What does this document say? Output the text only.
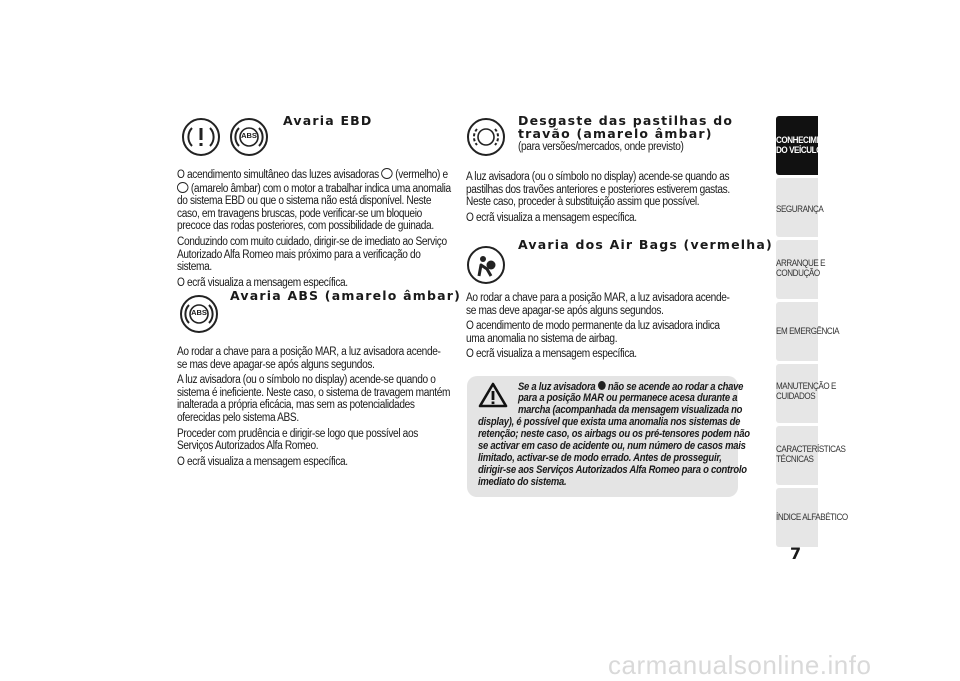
ABS
Avaria EBD

O acendimento simultâneo das luzes avisadoras (vermelho) e
(amarelo âmbar) com o motor a trabalhar indica uma anomalia do sistema EBD ou que o sistema não está disponível. Neste caso, em travagens bruscas, pode verificar-se um bloqueio precoce das rodas posteriores, com possibilidade de guinada.

Conduzindo com muito cuidado, dirigir-se de imediato ao Serviço Autorizado Alfa Romeo mais próximo para a verificação do sistema.

O ecrã visualiza a mensagem específica.

ABS
Avaria ABS (amarelo âmbar)

Ao rodar a chave para a posição MAR, a luz avisadora acende-se mas deve apagar-se após alguns segundos.

A luz avisadora (ou o símbolo no display) acende-se quando o sistema é ineficiente. Neste caso, o sistema de travagem mantém inalterada a própria eficácia, mas sem as potencialidades oferecidas pelo sistema ABS.

Proceder com prudência e dirigir-se logo que possível aos Serviços Autorizados Alfa Romeo.

O ecrã visualiza a mensagem específica.

Desgaste das pastilhas do
travão (amarelo âmbar)
(para versões/mercados, onde previsto)

A luz avisadora (ou o símbolo no display) acende-se quando as pastilhas dos travões anteriores e posteriores estiverem gastas. Neste caso, proceder à substituição assim que possível.

O ecrã visualiza a mensagem específica.

Avaria dos Air Bags (vermelha)

Ao rodar a chave para a posição MAR, a luz avisadora acende-se mas deve apagar-se após alguns segundos.

O acendimento de modo permanente da luz avisadora indica uma anomalia no sistema de airbag.

O ecrã visualiza a mensagem específica.

Se a luz avisadora não se acende ao rodar a chave
para a posição MAR ou permanece acesa durante a
marcha (acompanhada da mensagem visualizada no
display), é possível que exista uma anomalia nos sistemas de
retenção; neste caso, os airbags ou os pré-tensores podem não
se activar em caso de acidente ou, num número de casos mais
limitado, activar-se de modo errado. Antes de prosseguir,
dirigir-se aos Serviços Autorizados Alfa Romeo para o controlo
imediato do sistema.
CONHECIMENTO
DO VEÍCULO
SEGURANÇA
ARRANQUE E
CONDUÇÃO
EM EMERGÊNCIA
MANUTENÇÃO E
CUIDADOS
CARACTERÍSTICAS
TÉCNICAS
ÍNDICE ALFABÉTICO
7
carmanualsonline.info
